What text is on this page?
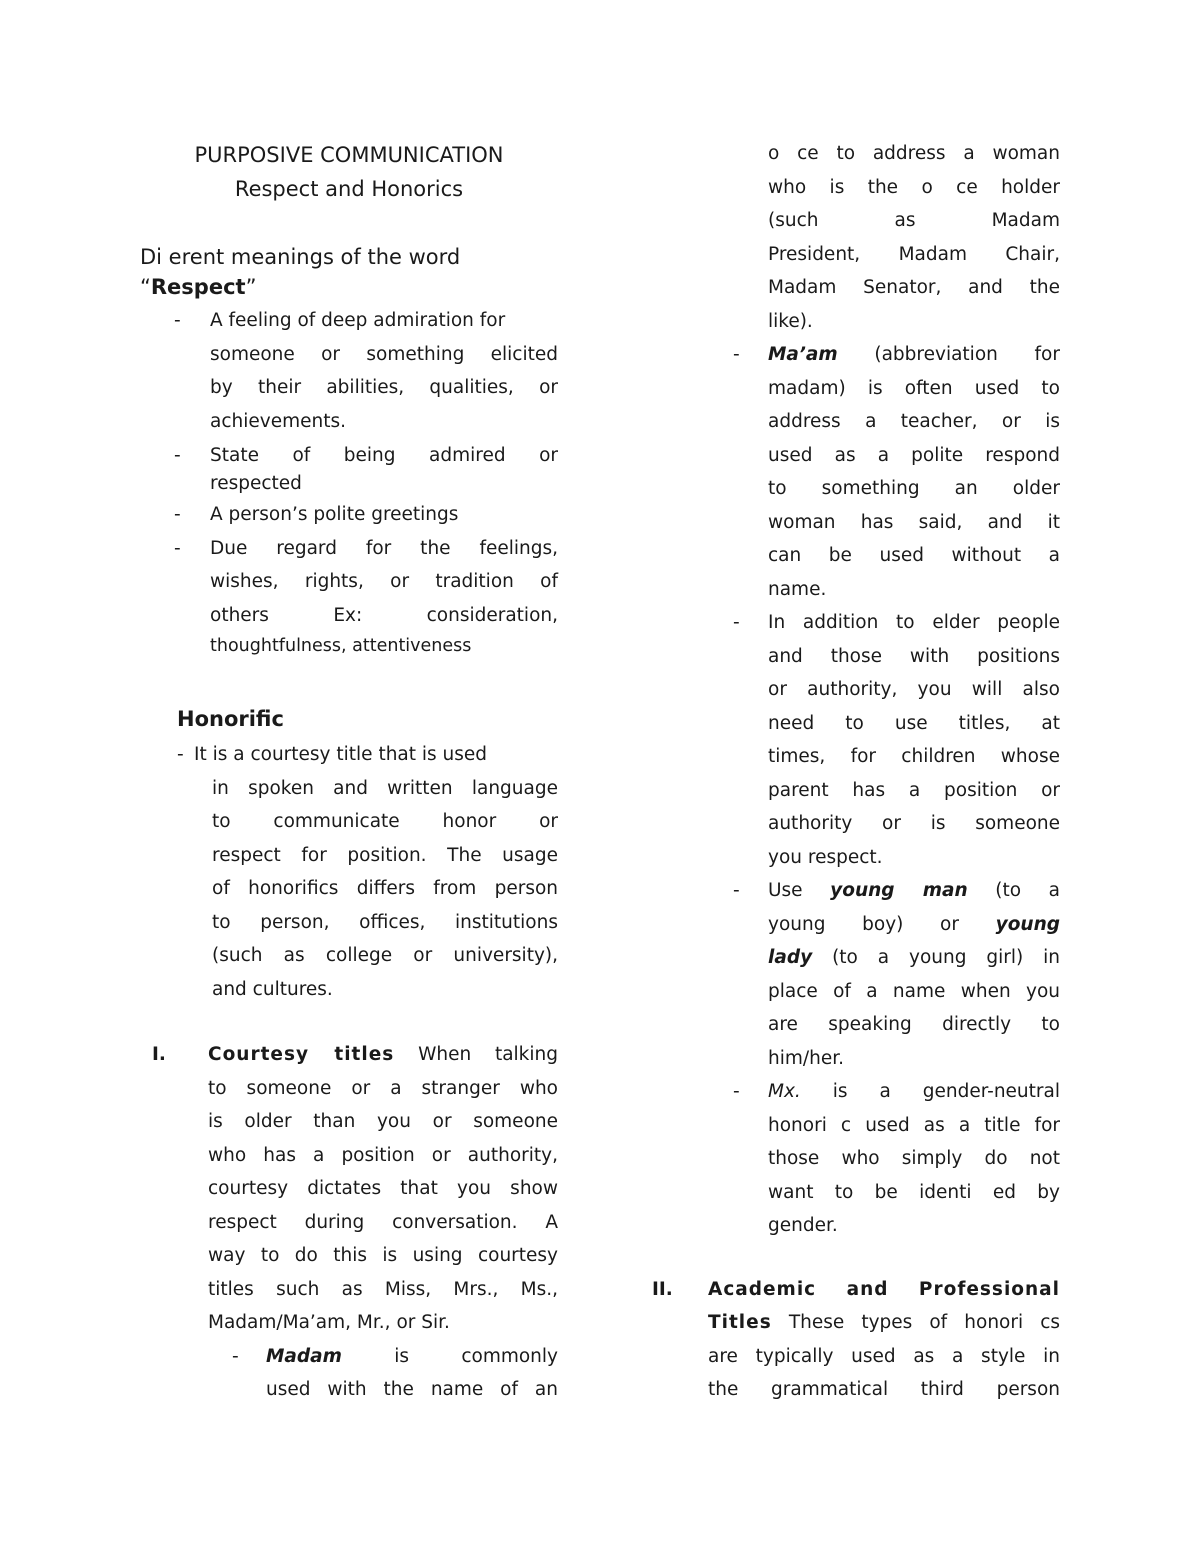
PURPOSIVE COMMUNICATION
Respect and Honorics
Di erent meanings of the word
“Respect”
- A feeling of deep admiration for
someone or something elicited
by their abilities, qualities, or
achievements.
- State of being admired or
respected
- A person’s polite greetings
- Due regard for the feelings,
wishes, rights, or tradition of
others Ex: consideration,
thoughtfulness, attentiveness
Honorific
- It is a courtesy title that is used
in spoken and written language
to communicate honor or
respect for position. The usage
of honorifics differs from person
to person, offices, institutions
(such as college or university),
and cultures.
I. Courtesy titles When talking
to someone or a stranger who
is older than you or someone
who has a position or authority,
courtesy dictates that you show
respect during conversation. A
way to do this is using courtesy
titles such as Miss, Mrs., Ms.,
Madam/Ma’am, Mr., or Sir.
- Madam	is commonly
used with the name of an
o ce to address a woman
who is the o ce holder
(such as Madam
President, Madam Chair,
Madam Senator, and the
like).
- Ma’am (abbreviation for
madam) is often used to
address a teacher, or is
used as a polite respond
to something an older
woman has said, and it
can be used without a
name.
- In addition to elder people
and those with positions
or authority, you will also
need to use titles, at
times, for children whose
parent has a position or
authority or is someone
you respect.
- Use young man (to a
young boy) or young
lady (to a young girl) in
place of a name when you
are speaking directly to
him/her.
- Mx. is a gender-neutral
honori c used as a title for
those who simply do not
want to be identi ed by
gender.
II. Academic and Professional
Titles These types of honori cs
are typically used as a style in
the grammatical third person
